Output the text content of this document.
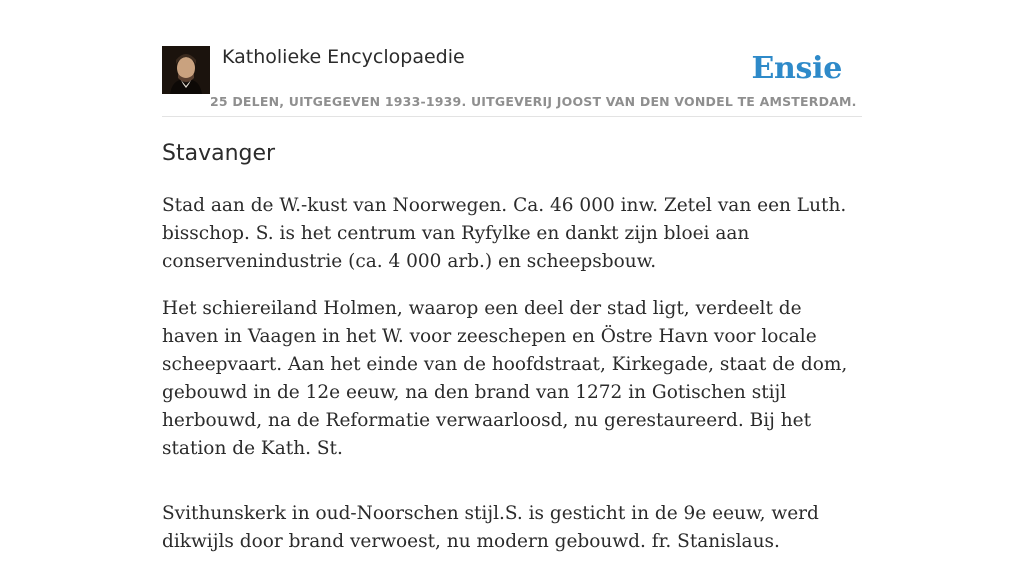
Katholieke Encyclopaedie
25 DELEN, UITGEGEVEN 1933-1939. UITGEVERIJ JOOST VAN DEN VONDEL TE AMSTERDAM.
Ensie
Stavanger

Stad aan de W.-kust van Noorwegen. Ca. 46 000 inw. Zetel van een Luth. bisschop. S. is het centrum van Ryfylke en dankt zijn bloei aan conservenindustrie (ca. 4 000 arb.) en scheepsbouw.

Het schiereiland Holmen, waarop een deel der stad ligt, verdeelt de haven in Vaagen in het W. voor zeeschepen en Östre Havn voor locale scheepvaart. Aan het einde van de hoofdstraat, Kirkegade, staat de dom, gebouwd in de 12e eeuw, na den brand van 1272 in Gotischen stijl herbouwd, na de Reformatie verwaarloosd, nu gerestaureerd. Bij het station de Kath. St.

Svithunskerk in oud-Noorschen stijl.S. is gesticht in de 9e eeuw, werd dikwijls door brand verwoest, nu modern gebouwd. fr. Stanislaus.
